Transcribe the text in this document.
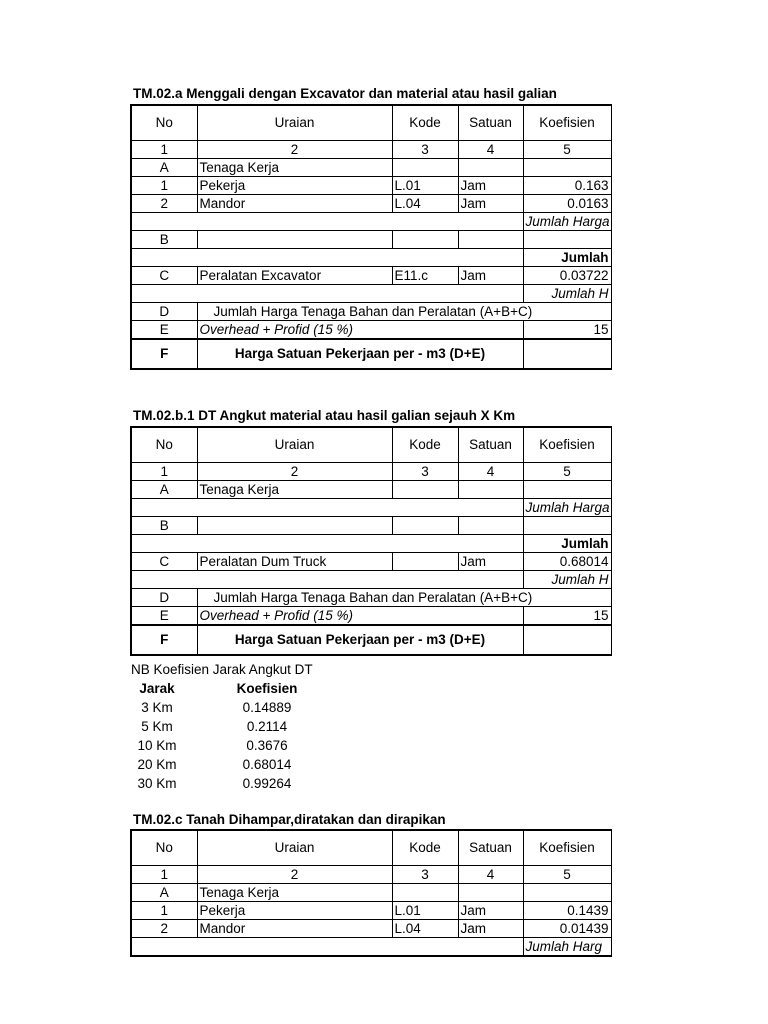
TM.02.a Menggali dengan Excavator dan material atau hasil galian
No	Uraian	Kode	Satuan	Koefisien
1	2	3	4	5
A	Tenaga Kerja			
1	Pekerja	L.01	Jam	0.163
2	Mandor	L.04	Jam	0.0163
				Jumlah Harga
B				
				Jumlah
C	Peralatan Excavator	E11.c	Jam	0.03722
				Jumlah H
D	Jumlah Harga Tenaga Bahan dan Peralatan (A+B+C)			
E	Overhead + Profid (15 %)			15
F	Harga Satuan Pekerjaan per - m3 (D+E)			
TM.02.b.1 DT Angkut material atau hasil galian sejauh X Km
No	Uraian	Kode	Satuan	Koefisien
1	2	3	4	5
A	Tenaga Kerja			
				Jumlah Harga
B				
				Jumlah
C	Peralatan Dum Truck		Jam	0.68014
				Jumlah H
D	Jumlah Harga Tenaga Bahan dan Peralatan (A+B+C)			
E	Overhead + Profid (15 %)			15
F	Harga Satuan Pekerjaan per - m3 (D+E)			
NB Koefisien Jarak Angkut DT
Jarak	Koefisien
3 Km	0.14889
5 Km	0.2114
10 Km	0.3676
20 Km	0.68014
30 Km	0.99264
TM.02.c Tanah Dihampar,diratakan dan dirapikan
No	Uraian	Kode	Satuan	Koefisien
1	2	3	4	5
A	Tenaga Kerja			
1	Pekerja	L.01	Jam	0.1439
2	Mandor	L.04	Jam	0.01439
				Jumlah Harg
